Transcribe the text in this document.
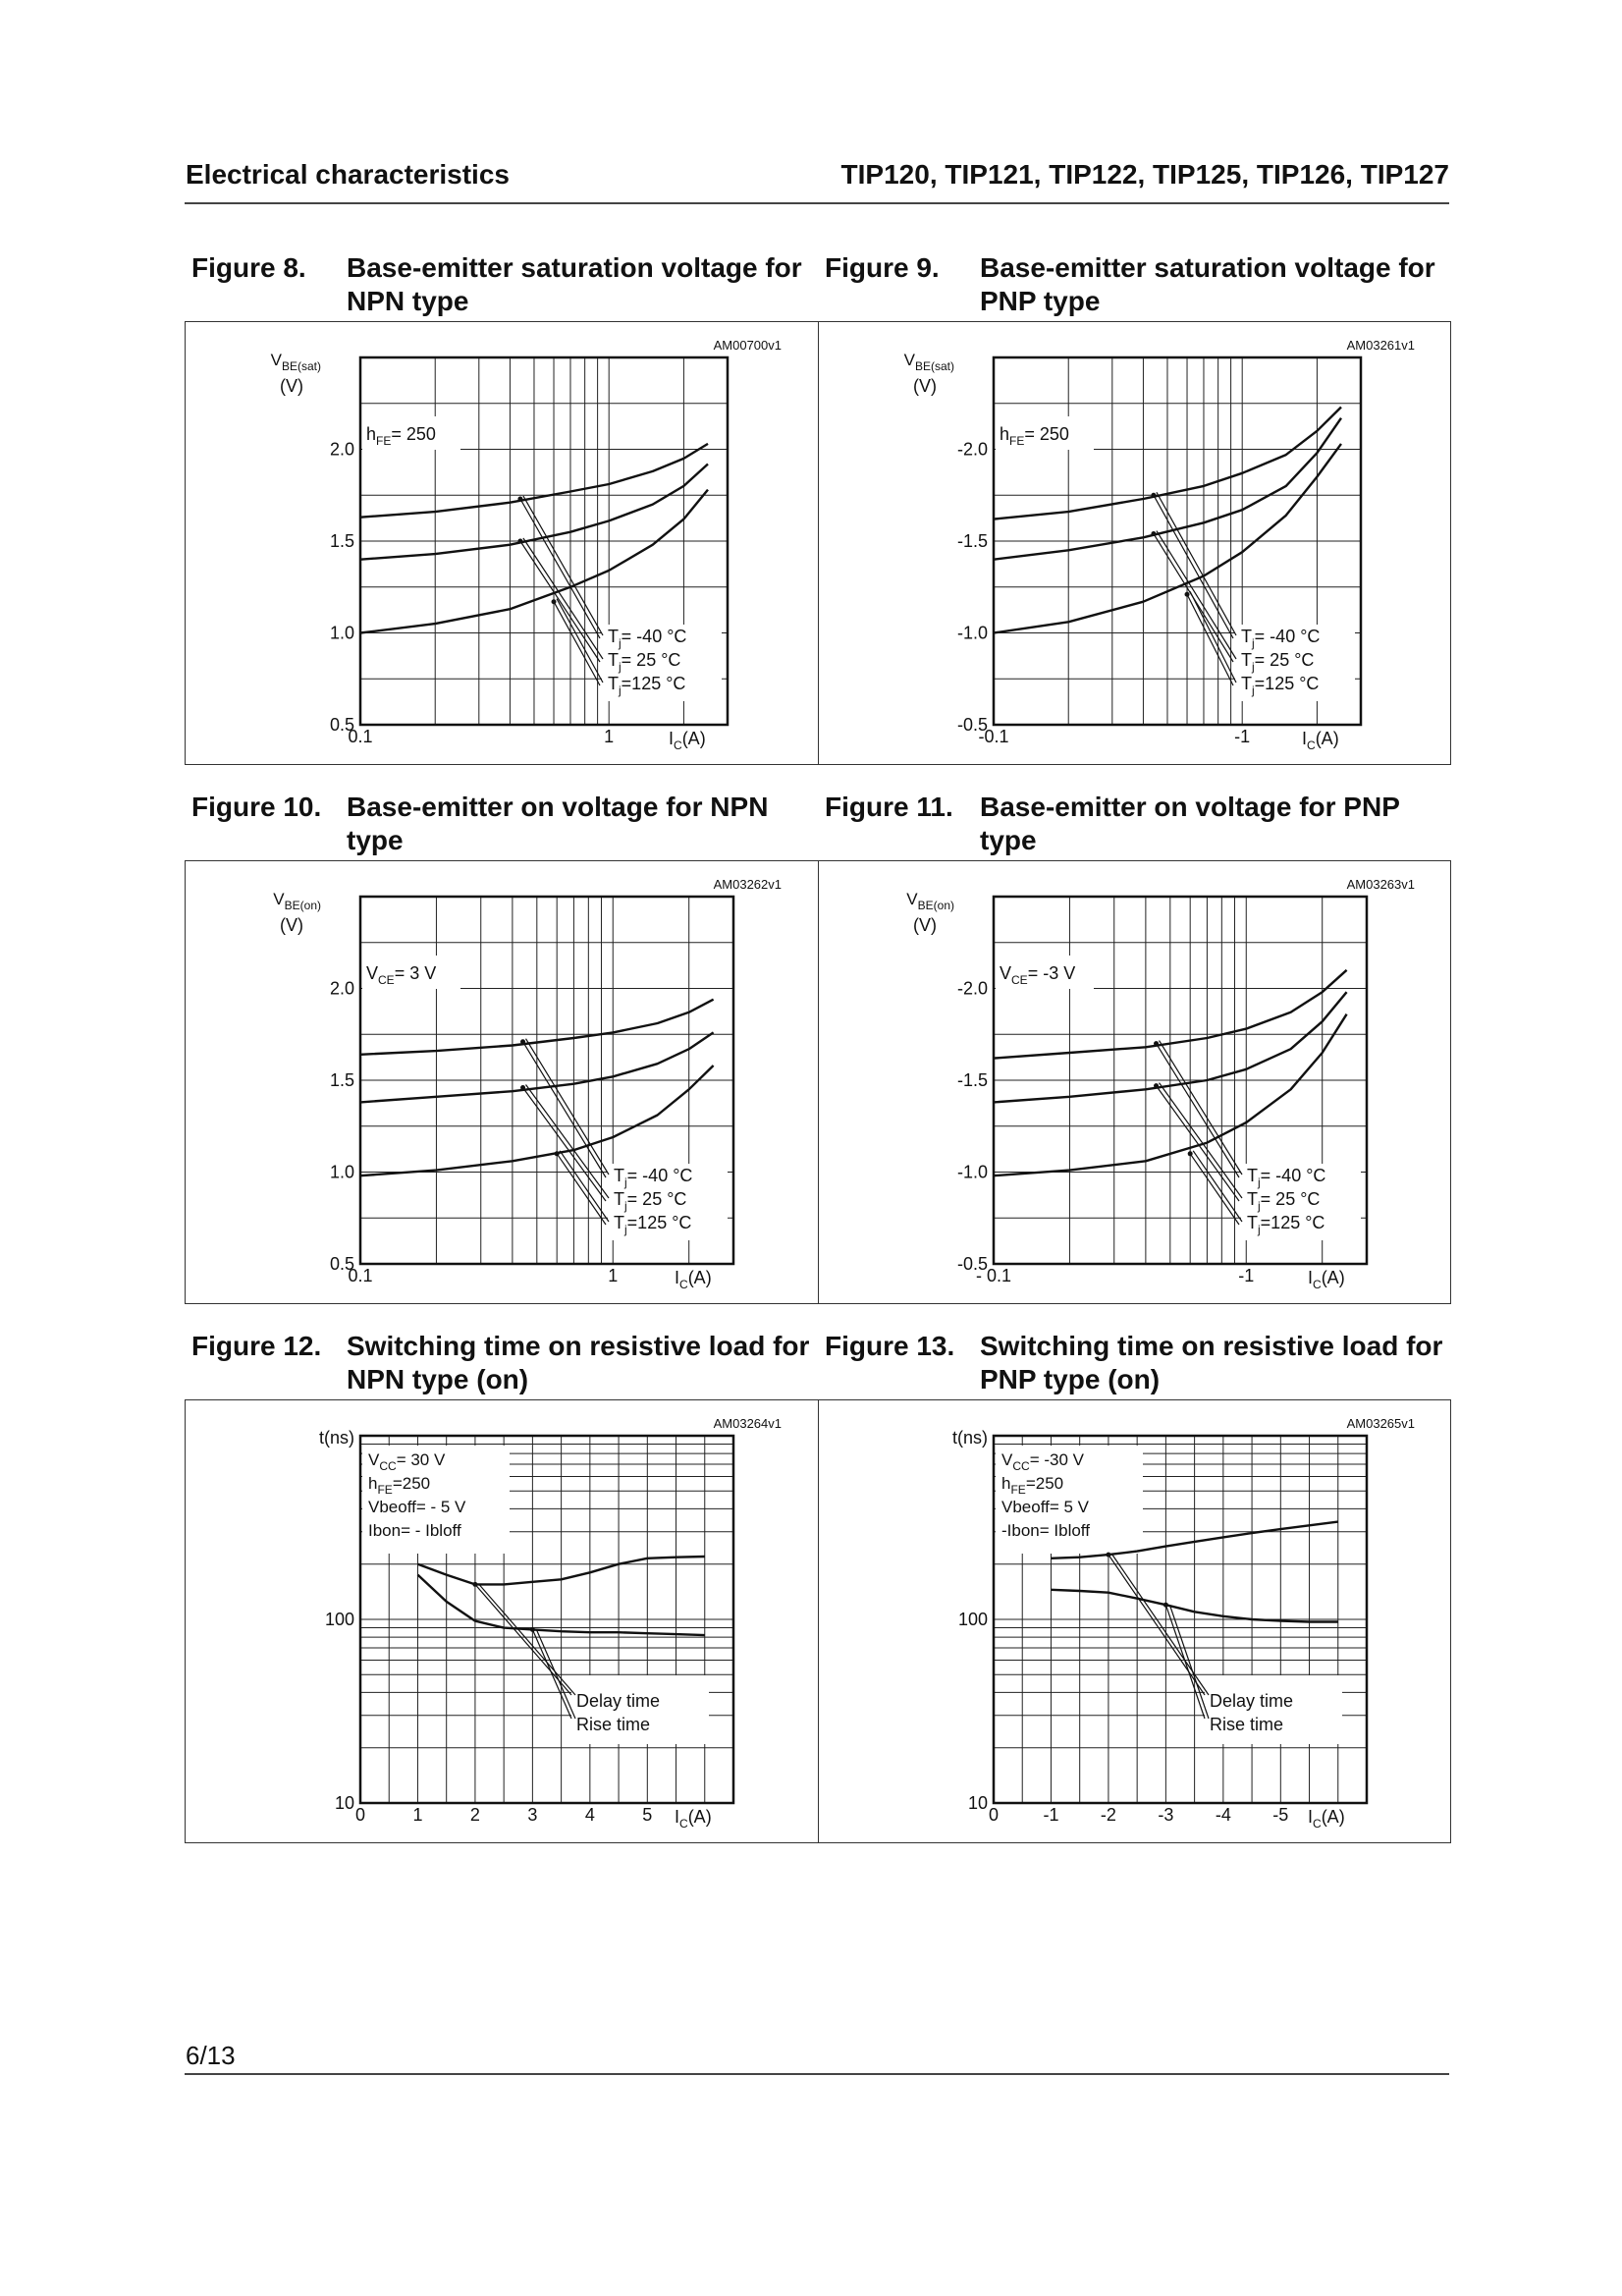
Electrical characteristics	TIP120, TIP121, TIP122, TIP125, TIP126, TIP127
Figure 8. Base-emitter saturation voltage for NPN type
Figure 9. Base-emitter saturation voltage for PNP type
Figure 10. Base-emitter on voltage for NPN type
Figure 11. Base-emitter on voltage for PNP type
Figure 12. Switching time on resistive load for NPN type (on)
Figure 13. Switching time on resistive load for PNP type (on)
$V_{BE(sat)}$
(V)
$I_C(A)$
0.5
1.0
1.5
2.0
0.1	1
AM00700v1
$h_{FE}= 250$
$T_j= -40$ °C
$T_j= 25$ °C
$T_j=125$ °C
$V_{BE(sat)}$
(V)
$I_C(A)$
-0.5
-1.0
-1.5
-2.0
-0.1	-1
AM03261v1
$h_{FE}= 250$
$T_j= -40$ °C
$T_j= 25$ °C
$T_j=125$ °C
$V_{BE(on)}$
(V)
$I_C(A)$
0.5
1.0
1.5
2.0
0.1	1
AM03262v1
$V_{CE}= 3$ V
$T_j= -40$ °C
$T_j= 25$ °C
$T_j=125$ °C
$V_{BE(on)}$
(V)
$I_C(A)$
-0.5
-1.0
-1.5
-2.0
- 0.1	-1
AM03263v1
$V_{CE}= -3$ V
$T_j= -40$ °C
$T_j= 25$ °C
$T_j=125$ °C
t(ns)
$I_C(A)$
10
100
0	1	2	3	4	5
AM03264v1
$V_{CC}= 30$ V
$h_{FE}=250$
Vbeoff= - 5 V
Ibon= - Ibloff
Delay time
Rise time
t(ns)
$I_C(A)$
10
100
0	-1 -2 -3 -4 -5
AM03265v1
$V_{CC}= -30$ V
$h_{FE}=250$
Vbeoff= 5 V
-Ibon= Ibloff
Delay time
Rise time
6/13
